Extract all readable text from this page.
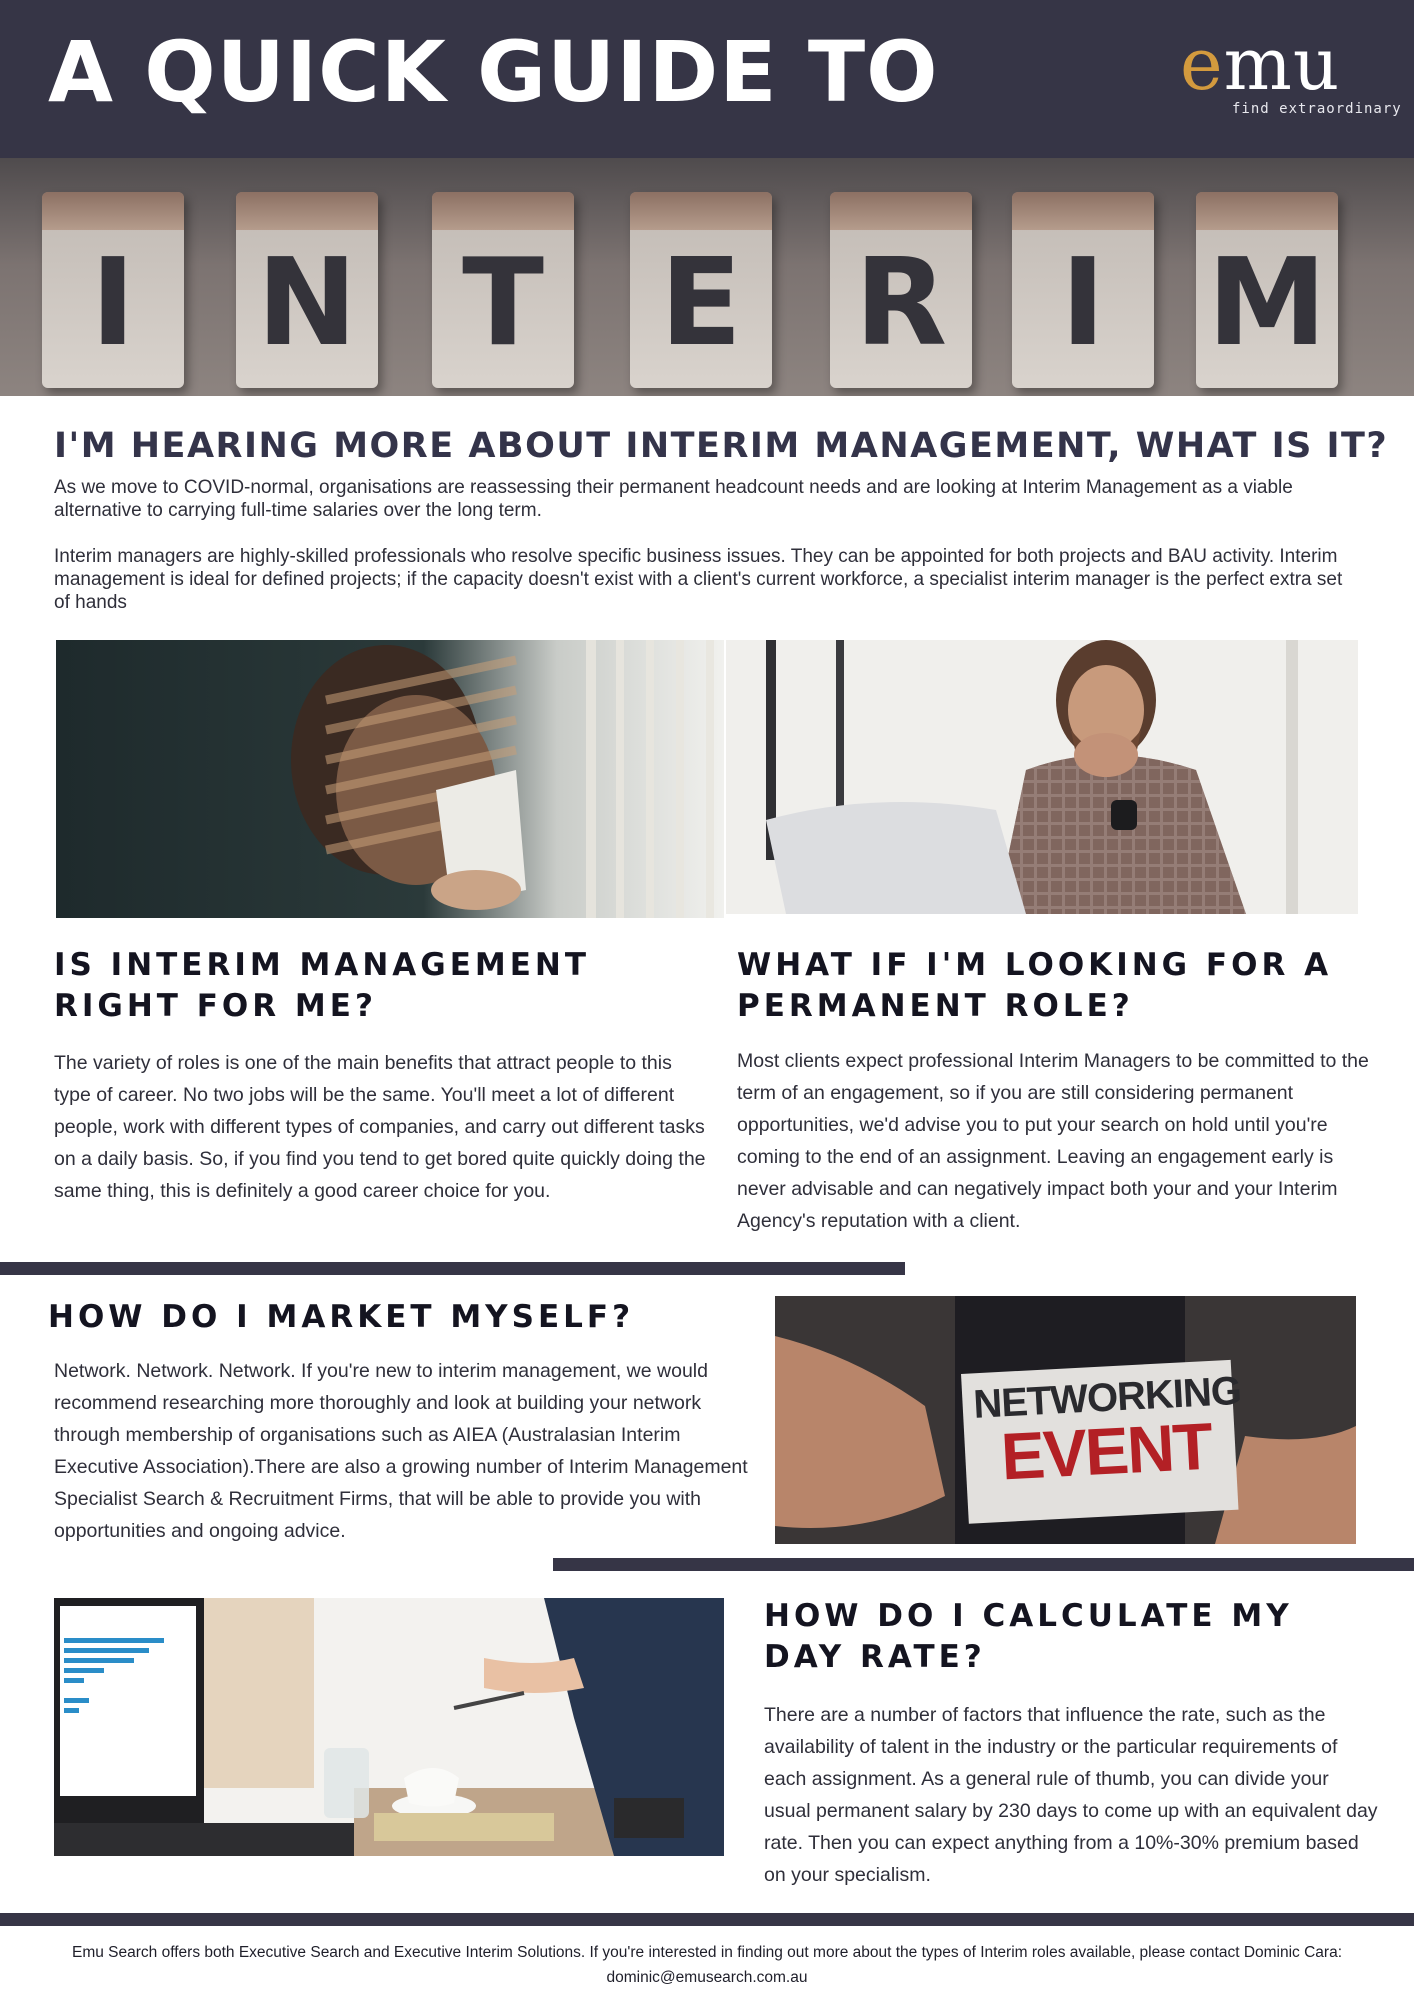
A QUICK GUIDE TO	emu
find extraordinary
I N T E R I M
I'M HEARING MORE ABOUT INTERIM MANAGEMENT, WHAT IS IT?
As we move to COVID-normal, organisations are reassessing their permanent headcount needs and are looking at Interim Management as a viable alternative to carrying full-time salaries over the long term.
Interim managers are highly-skilled professionals who resolve specific business issues. They can be appointed for both projects and BAU activity. Interim management is ideal for defined projects; if the capacity doesn't exist with a client's current workforce, a specialist interim manager is the perfect extra set of hands
IS INTERIM MANAGEMENT RIGHT FOR ME?
The variety of roles is one of the main benefits that attract people to this type of career. No two jobs will be the same. You'll meet a lot of different people, work with different types of companies, and carry out different tasks on a daily basis. So, if you find you tend to get bored quite quickly doing the same thing, this is definitely a good career choice for you.
WHAT IF I'M LOOKING FOR A PERMANENT ROLE?
Most clients expect professional Interim Managers to be committed to the term of an engagement, so if you are still considering permanent opportunities, we'd advise you to put your search on hold until you're coming to the end of an assignment. Leaving an engagement early is never advisable and can negatively impact both your and your Interim Agency's reputation with a client.
HOW DO I MARKET MYSELF?
Network. Network. Network. If you're new to interim management, we would recommend researching more thoroughly and look at building your network through membership of organisations such as AIEA (Australasian Interim Executive Association).There are also a growing number of Interim Management Specialist Search & Recruitment Firms, that will be able to provide you with opportunities and ongoing advice.
NETWORKING
EVENT
HOW DO I CALCULATE MY DAY RATE?
There are a number of factors that influence the rate, such as the availability of talent in the industry or the particular requirements of each assignment. As a general rule of thumb, you can divide your usual permanent salary by 230 days to come up with an equivalent day rate. Then you can expect anything from a 10%-30% premium based on your specialism.
Emu Search offers both Executive Search and Executive Interim Solutions. If you're interested in finding out more about the types of Interim roles available, please contact Dominic Cara:
dominic@emusearch.com.au
